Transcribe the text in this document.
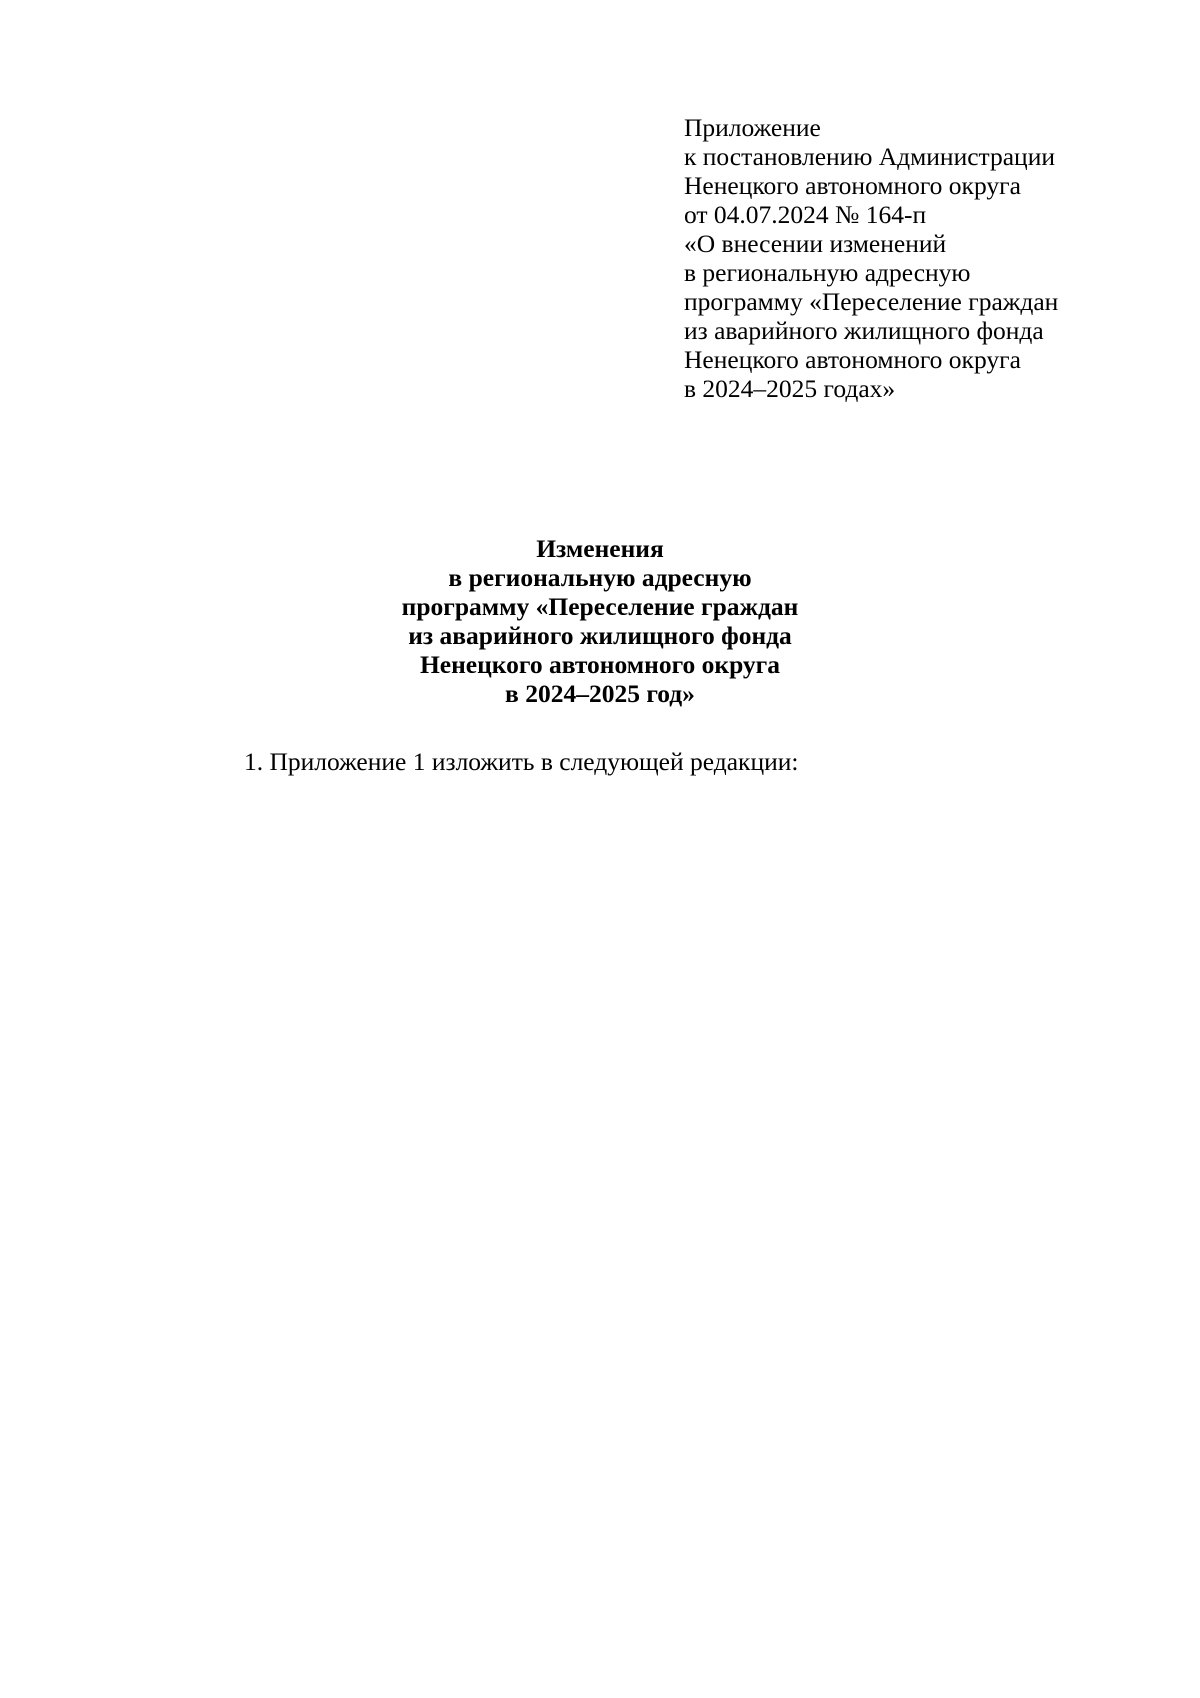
Приложение
к постановлению Администрации
Ненецкого автономного округа
от 04.07.2024 № 164-п
«О внесении изменений
в региональную адресную
программу «Переселение граждан
из аварийного жилищного фонда
Ненецкого автономного округа
в 2024–2025 годах»
Изменения
в региональную адресную
программу «Переселение граждан
из аварийного жилищного фонда
Ненецкого автономного округа
в 2024–2025 год»
1. Приложение 1 изложить в следующей редакции:
